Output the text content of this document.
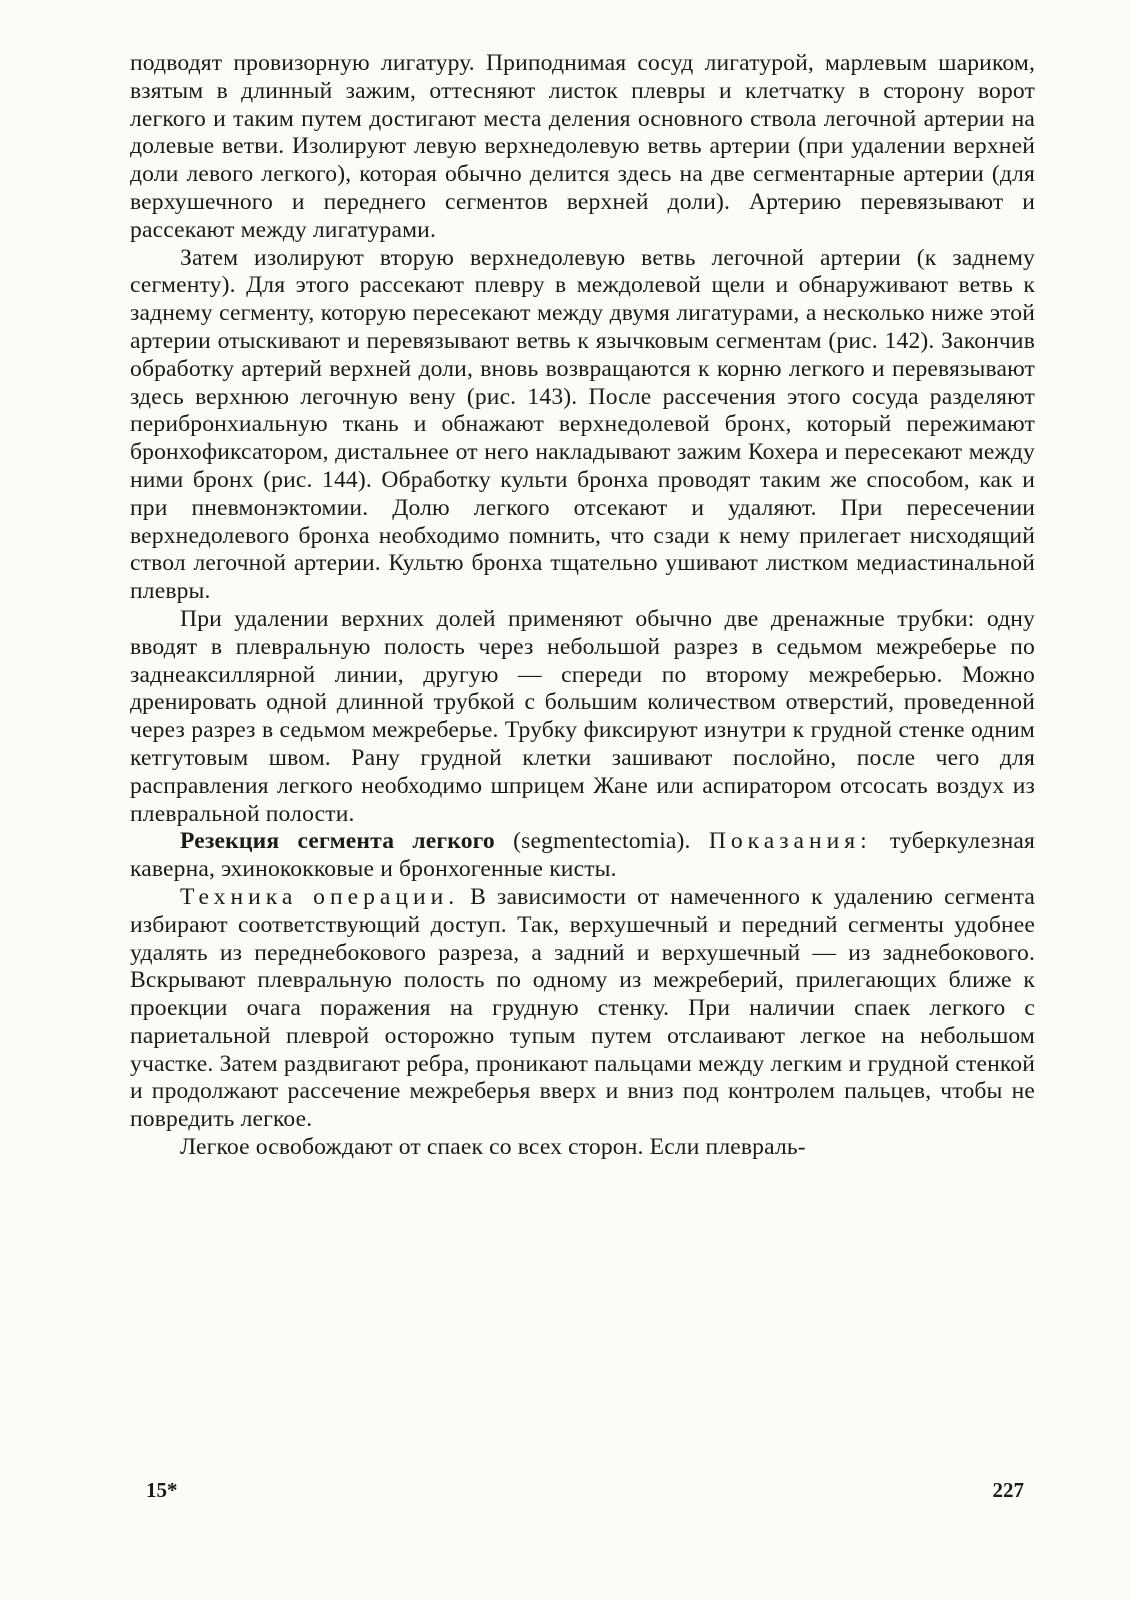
подводят провизорную лигатуру. Приподнимая сосуд лигатурой, марлевым шариком, взятым в длинный зажим, оттесняют листок плевры и клетчатку в сторону ворот легкого и таким путем достигают места деления основного ствола легочной артерии на долевые ветви. Изолируют левую верхнедолевую ветвь артерии (при удалении верхней доли левого легкого), которая обычно делится здесь на две сегментарные артерии (для верхушечного и переднего сегментов верхней доли). Артерию перевязывают и рассекают между лигатурами.

Затем изолируют вторую верхнедолевую ветвь легочной артерии (к заднему сегменту). Для этого рассекают плевру в междолевой щели и обнаруживают ветвь к заднему сегменту, которую пересекают между двумя лигатурами, а несколько ниже этой артерии отыскивают и перевязывают ветвь к язычковым сегментам (рис. 142). Закончив обработку артерий верхней доли, вновь возвращаются к корню легкого и перевязывают здесь верхнюю легочную вену (рис. 143). После рассечения этого сосуда разделяют перибронхиальную ткань и обнажают верхнедолевой бронх, который пережимают бронхофиксатором, дистальнее от него накладывают зажим Кохера и пересекают между ними бронх (рис. 144). Обработку культи бронха проводят таким же способом, как и при пневмонэктомии. Долю легкого отсекают и удаляют. При пересечении верхнедолевого бронха необходимо помнить, что сзади к нему прилегает нисходящий ствол легочной артерии. Культю бронха тщательно ушивают листком медиастинальной плевры.

При удалении верхних долей применяют обычно две дренажные трубки: одну вводят в плевральную полость через небольшой разрез в седьмом межреберье по заднеаксиллярной линии, другую — спереди по второму межреберью. Можно дренировать одной длинной трубкой с большим количеством отверстий, проведенной через разрез в седьмом межреберье. Трубку фиксируют изнутри к грудной стенке одним кетгутовым швом. Рану грудной клетки зашивают послойно, после чего для расправления легкого необходимо шприцем Жане или аспиратором отсосать воздух из плевральной полости.

Резекция сегмента легкого (segmentectomia). Показания: туберкулезная каверна, эхинококковые и бронхогенные кисты.

Техника операции. В зависимости от намеченного к удалению сегмента избирают соответствующий доступ. Так, верхушечный и передний сегменты удобнее удалять из переднебокового разреза, а задний и верхушечный — из заднебокового. Вскрывают плевральную полость по одному из межреберий, прилегающих ближе к проекции очага поражения на грудную стенку. При наличии спаек легкого с париетальной плеврой осторожно тупым путем отслаивают легкое на небольшом участке. Затем раздвигают ребра, проникают пальцами между легким и грудной стенкой и продолжают рассечение межреберья вверх и вниз под контролем пальцев, чтобы не повредить легкое.

Легкое освобождают от спаек со всех сторон. Если плевраль-

15*	227
